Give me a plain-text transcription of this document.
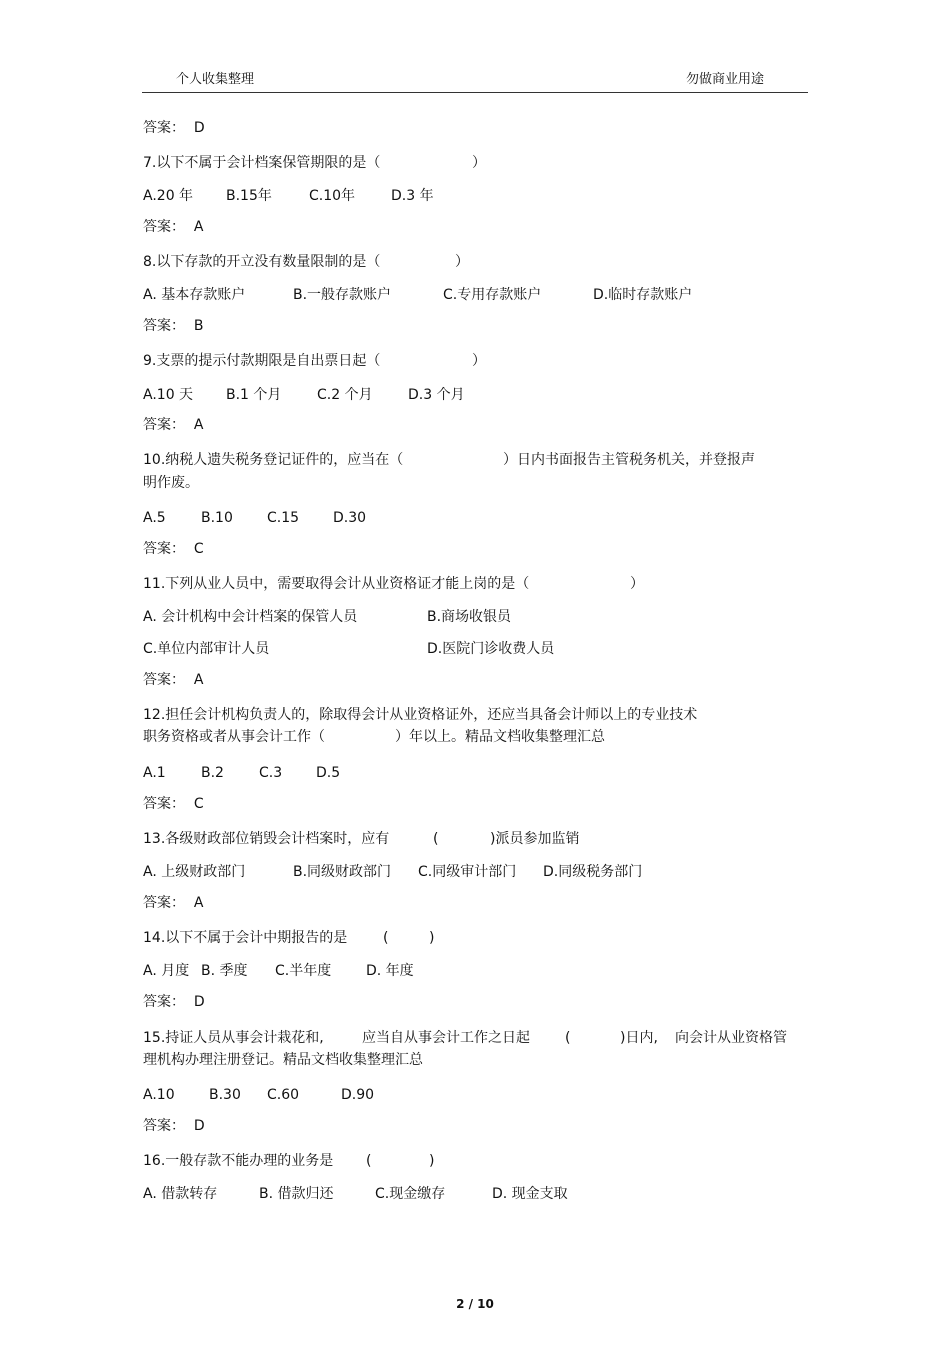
个人收集整理	勿做商业用途
答案： D
7.以下不属于会计档案保管期限的是（	）
A.20 年 B.15年	C.10年	D.3 年
答案： A
8.以下存款的开立没有数量限制的是（	）
A. 基本存款账户	B.一般存款账户	C.专用存款账户	D.临时存款账户
答案： B
9.支票的提示付款期限是自出票日起（	）
A.10 天 B.1 个月	C.2 个月	D.3 个月
答案： A
10.纳税人遗失税务登记证件的，应当在（	）日内书面报告主管税务机关，并登报声
明作废。
A.5	B.10 C.15 D.30
答案： C
11.下列从业人员中，需要取得会计从业资格证才能上岗的是（	）
A. 会计机构中会计档案的保管人员	B.商场收银员
C.单位内部审计人员	D.医院门诊收费人员
答案： A
12.担任会计机构负责人的，除取得会计从业资格证外，还应当具备会计师以上的专业技术
职务资格或者从事会计工作（	）年以上。精品文档收集整理汇总
A.1	B.2	C.3 D.5
答案： C
13.各级财政部位销毁会计档案时，应有	(	)派员参加监销
A. 上级财政部门	B.同级财政部门 C.同级审计部门 D.同级税务部门
答案： A
14.以下不属于会计中期报告的是	(	)
A. 月度 B. 季度 C.半年度 D. 年度
答案： D
15.持证人员从事会计栽花和,	应当自从事会计工作之日起	(	)日内, 向会计从业资格管
理机构办理注册登记。精品文档收集整理汇总
A.10 B.30 C.60	D.90
答案： D
16.一般存款不能办理的业务是 (	)
A. 借款转存	B. 借款归还	C.现金缴存	D. 现金支取
2 / 10
